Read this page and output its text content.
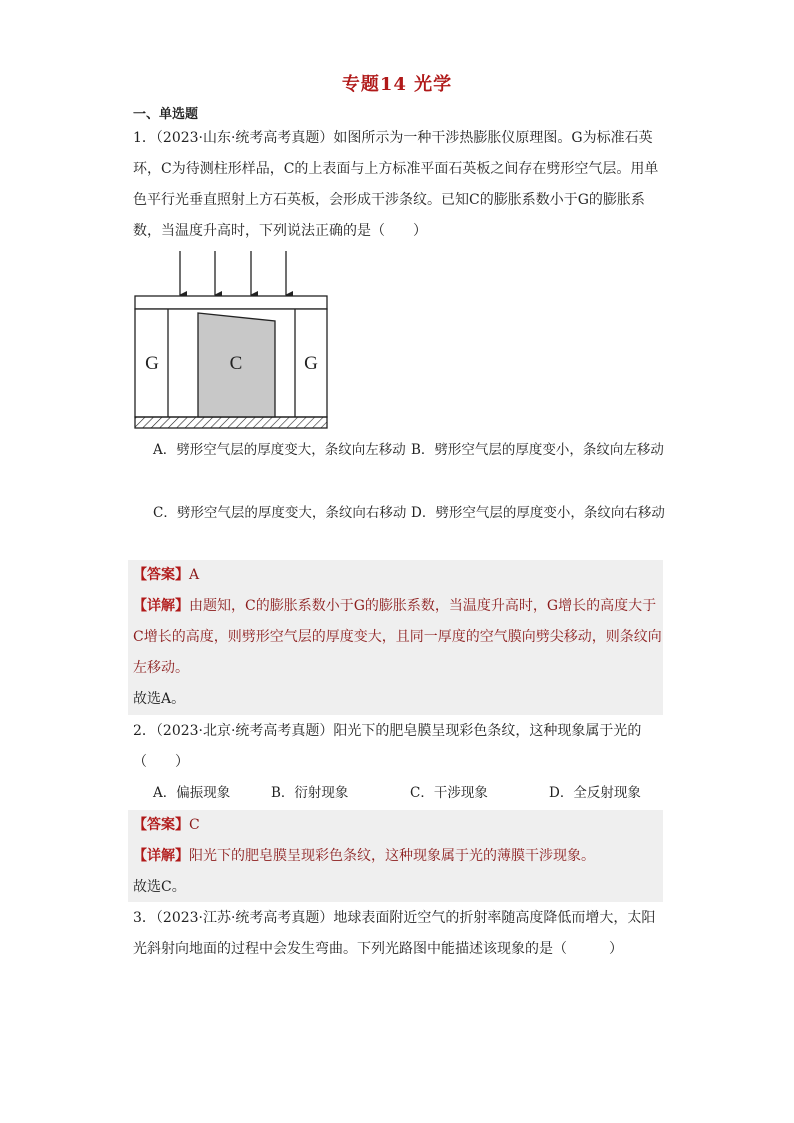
专题14 光学
一、单选题

1．（2023·山东·统考高考真题）如图所示为一种干涉热膨胀仪原理图。G为标准石英环，C为待测柱形样品，C的上表面与上方标准平面石英板之间存在劈形空气层。用单色平行光垂直照射上方石英板，会形成干涉条纹。已知C的膨胀系数小于G的膨胀系数，当温度升高时，下列说法正确的是（　　）

G	C	G
A．劈形空气层的厚度变大，条纹向左移动 B．劈形空气层的厚度变小，条纹向左移动
C．劈形空气层的厚度变大，条纹向右移动 D．劈形空气层的厚度变小，条纹向右移动
【答案】A

【详解】由题知，C的膨胀系数小于G的膨胀系数，当温度升高时，G增长的高度大于C增长的高度，则劈形空气层的厚度变大，且同一厚度的空气膜向劈尖移动，则条纹向左移动。

故选A。

2．（2023·北京·统考高考真题）阳光下的肥皂膜呈现彩色条纹，这种现象属于光的（　　）

A．偏振现象	B．衍射现象	C．干涉现象	D．全反射现象
【答案】C
【详解】阳光下的肥皂膜呈现彩色条纹，这种现象属于光的薄膜干涉现象。
故选C。

3．（2023·江苏·统考高考真题）地球表面附近空气的折射率随高度降低而增大，太阳光斜射向地面的过程中会发生弯曲。下列光路图中能描述该现象的是（　　　）
